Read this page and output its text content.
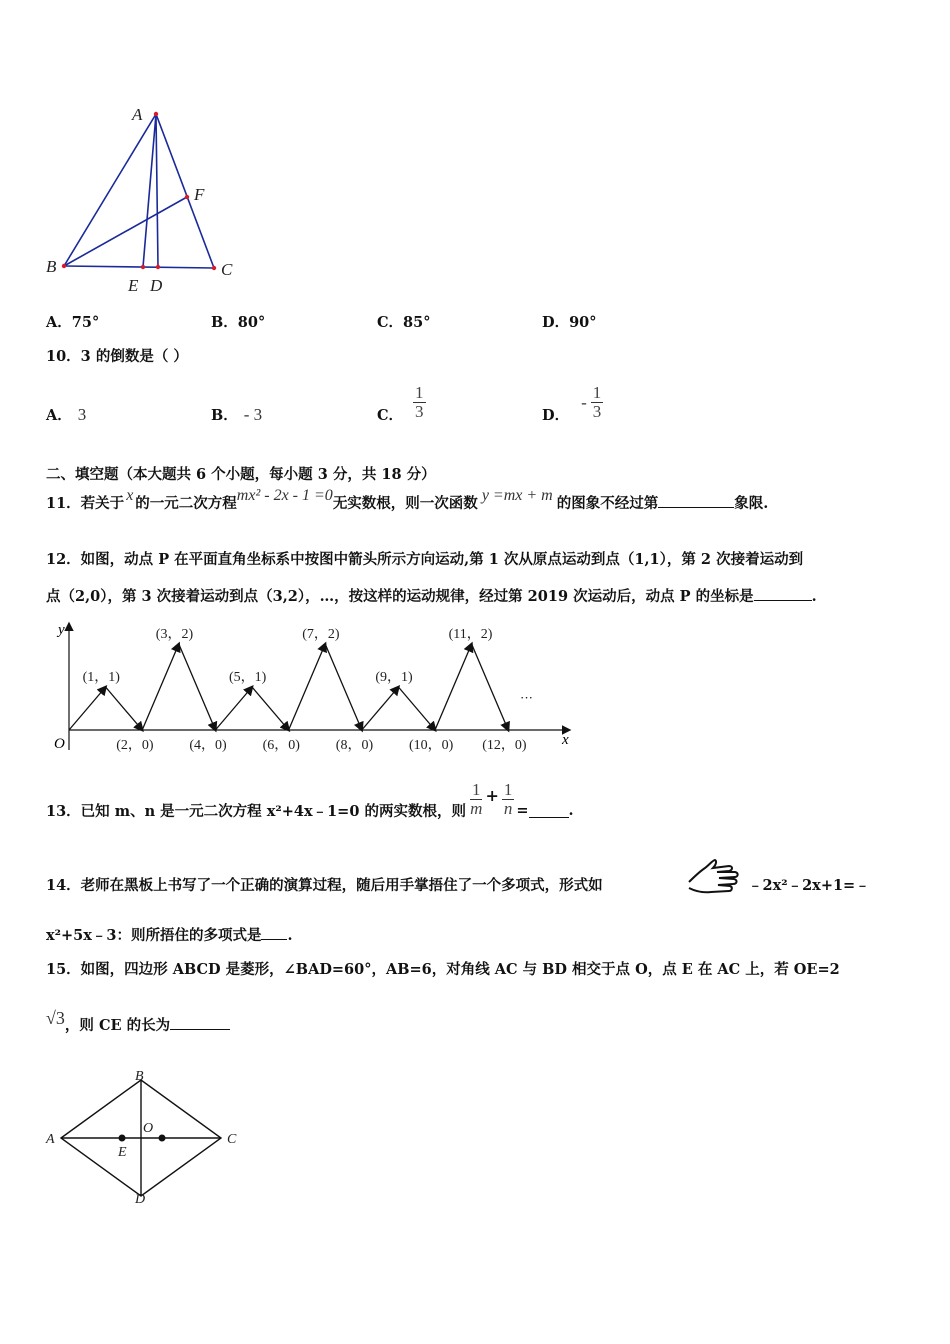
A
F
B	C
E D
A．75°	B．80°	C．85°	D．90°
10．3 的倒数是（ ）
A． 3	B． - 3	C． $\frac{1}{3}$	D．
- $\frac{1}{3}$
二、填空题（本大题共 6 个小题，每小题 3 分，共 18 分）
11．若关于 x 的一元二次方程mx² - 2x - 1 =0无实数根，则一次函数 y =mx + m 的图象不经过第	象限.
12．如图，动点 P 在平面直角坐标系中按图中箭头所示方向运动,第 1 次从原点运动到点（1,1），第 2 次接着运动到
点（2,0），第 3 次接着运动到点（3,2），…，按这样的运动规律，经过第 2019 次运动后，动点 P 的坐标是	.
y
x
O
(1，1)
(3，2)
(5，1)
(7，2)
(9，1)
(11，2)
(2，0)	(4，0)	(6，0)	(8，0)	(10，0) (12，0)
···
13．已知 m、n 是一元二次方程 x²+4x﹣1=0 的两实数根，则 $\frac{1}{m} + \frac{1}{n}$ =	.
14．老师在黑板上书写了一个正确的演算过程，随后用手掌捂住了一个多项式，形式如	﹣2x²﹣2x+1=﹣
x²+5x﹣3：则所捂住的多项式是 .
15．如图，四边形 ABCD 是菱形，∠BAD=60°，AB=6，对角线 AC 与 BD 相交于点 O，点 E 在 AC 上，若 OE=2
√3，则 CE 的长为
A
B
C
D
O
E
